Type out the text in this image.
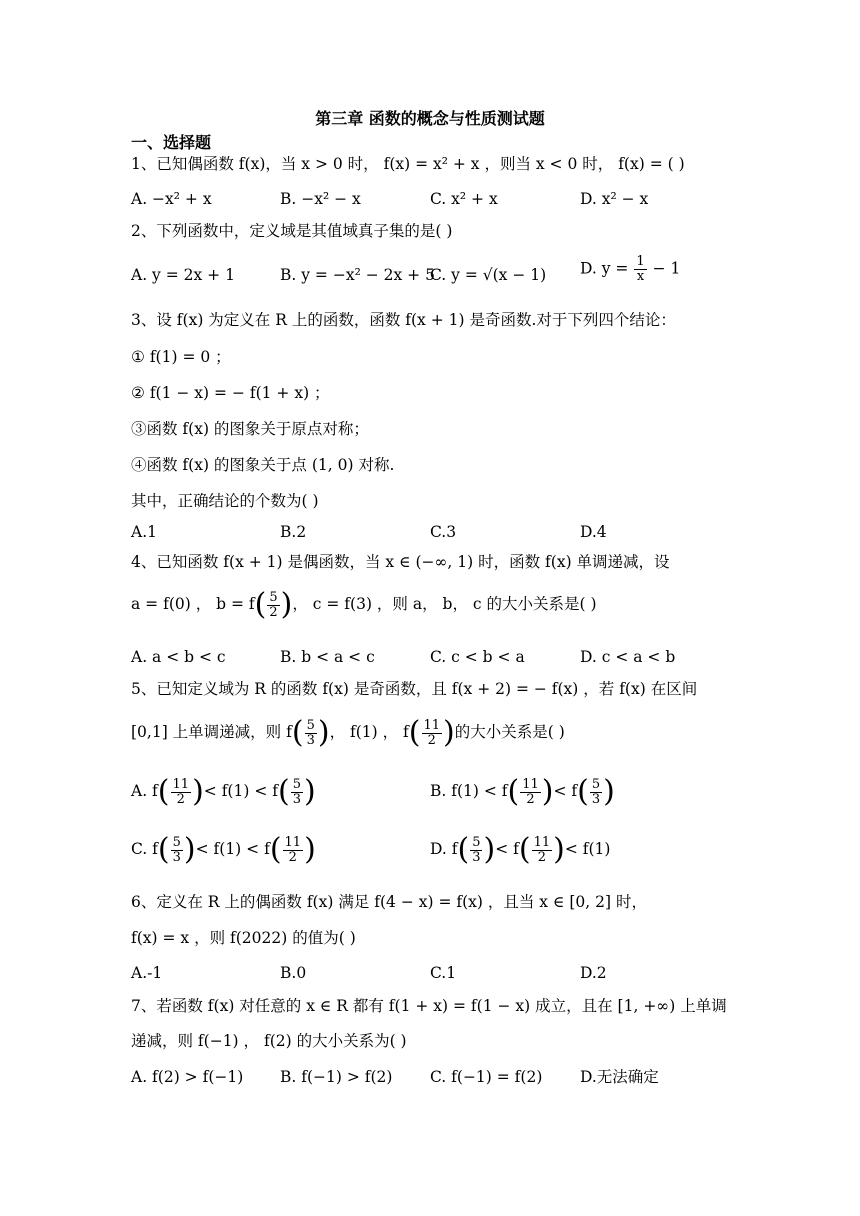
第三章 函数的概念与性质测试题
一、选择题
1、已知偶函数 f(x)，当 x > 0 时， f(x) = x² + x ，则当 x < 0 时， f(x) = ( )
A. −x² + x	B. −x² − x	C. x² + x	D. x² − x
2、下列函数中，定义域是其值域真子集的是( )
A. y = 2x + 1	B. y = −x² − 2x + 5
C. y = √(x − 1) D. $y = \frac{1}{x} - 1$
3、设 f(x) 为定义在 R 上的函数，函数 f(x + 1) 是奇函数.对于下列四个结论：
① f(1) = 0 ；
② f(1 − x) = − f(1 + x) ；
③函数 f(x) 的图象关于原点对称；
④函数 f(x) 的图象关于点 (1, 0) 对称.
其中，正确结论的个数为( )
A.1	B.2	C.3	D.4
4、已知函数 f(x + 1) 是偶函数，当 x ∈ (−∞, 1) 时，函数 f(x) 单调递减，设
a = f(0) ， $b = f( \frac{5}{2}$ )， c = f(3) ，则 a， b， c 的大小关系是( )
A. a < b < c	B. b < a < c	C. c < b < a	D. c < a < b
5、已知定义域为 R 的函数 f(x) 是奇函数，且 f(x + 2) = − f(x) ，若 f(x) 在区间
[0,1] 上单调递减，则 $f( \frac{5}{3}$ )， f(1) ， $f( \frac{11}{2}$ )的大小关系是( )
A. $f( \frac{11}{2}$ )< $f(1) < f( \frac{5}{3}$ )	B. $f(1) < f( \frac{11}{2}$ )< $f( \frac{5}{3}$ )
C. $f( \frac{5}{3}$ )< $f(1) < f( \frac{11}{2}$ )	D. $f( \frac{5}{3}$ )< $f( \frac{11}{2}$ )< f(1)
6、定义在 R 上的偶函数 f(x) 满足 f(4 − x) = f(x) ，且当 x ∈ [0, 2] 时，
f(x) = x ，则 f(2022) 的值为( )
A.-1	B.0	C.1	D.2
7、若函数 f(x) 对任意的 x ∈ R 都有 f(1 + x) = f(1 − x) 成立，且在 [1, +∞) 上单调
递减，则 f(−1) ， f(2) 的大小关系为( )
A. f(2) > f(−1) B. f(−1) > f(2) C. f(−1) = f(2) D.无法确定
